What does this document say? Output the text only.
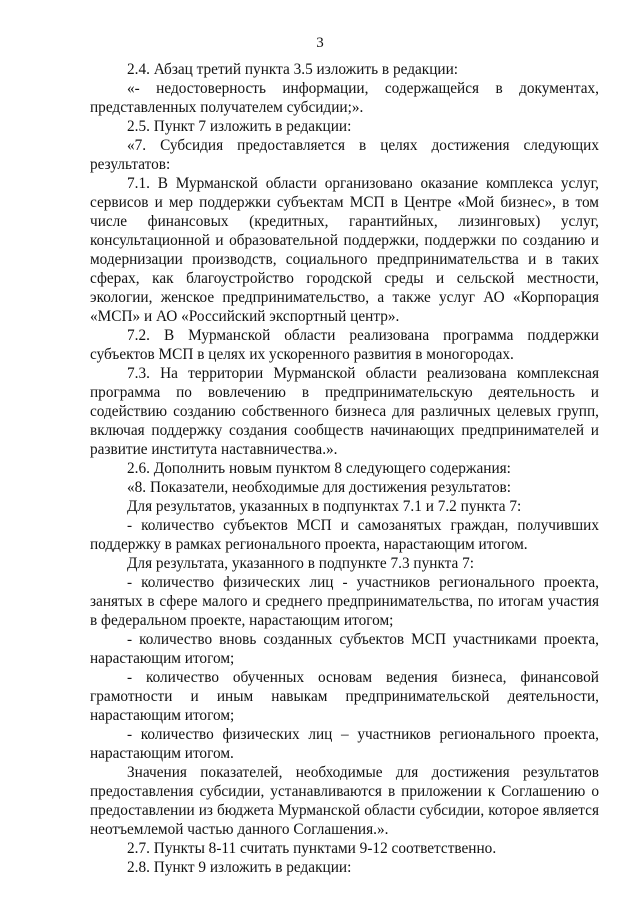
3

2.4. Абзац третий пункта 3.5 изложить в редакции:

«- недостоверность информации, содержащейся в документах, представленных получателем субсидии;».

2.5. Пункт 7 изложить в редакции:

«7. Субсидия предоставляется в целях достижения следующих результатов:

7.1. В Мурманской области организовано оказание комплекса услуг, сервисов и мер поддержки субъектам МСП в Центре «Мой бизнес», в том числе финансовых (кредитных, гарантийных, лизинговых) услуг, консультационной и образовательной поддержки, поддержки по созданию и модернизации производств, социального предпринимательства и в таких сферах, как благоустройство городской среды и сельской местности, экологии, женское предпринимательство, а также услуг АО «Корпорация «МСП» и АО «Российский экспортный центр».

7.2. В Мурманской области реализована программа поддержки субъектов МСП в целях их ускоренного развития в моногородах.

7.3. На территории Мурманской области реализована комплексная программа по вовлечению в предпринимательскую деятельность и содействию созданию собственного бизнеса для различных целевых групп, включая поддержку создания сообществ начинающих предпринимателей и развитие института наставничества.».

2.6. Дополнить новым пунктом 8 следующего содержания:

«8. Показатели, необходимые для достижения результатов:

Для результатов, указанных в подпунктах 7.1 и 7.2 пункта 7:

- количество субъектов МСП и самозанятых граждан, получивших поддержку в рамках регионального проекта, нарастающим итогом.

Для результата, указанного в подпункте 7.3 пункта 7:

- количество физических лиц - участников регионального проекта, занятых в сфере малого и среднего предпринимательства, по итогам участия в федеральном проекте, нарастающим итогом;

- количество вновь созданных субъектов МСП участниками проекта, нарастающим итогом;

- количество обученных основам ведения бизнеса, финансовой грамотности и иным навыкам предпринимательской деятельности, нарастающим итогом;

- количество физических лиц – участников регионального проекта, нарастающим итогом.

Значения показателей, необходимые для достижения результатов предоставления субсидии, устанавливаются в приложении к Соглашению о предоставлении из бюджета Мурманской области субсидии, которое является неотъемлемой частью данного Соглашения.».

2.7. Пункты 8-11 считать пунктами 9-12 соответственно.

2.8. Пункт 9 изложить в редакции:
